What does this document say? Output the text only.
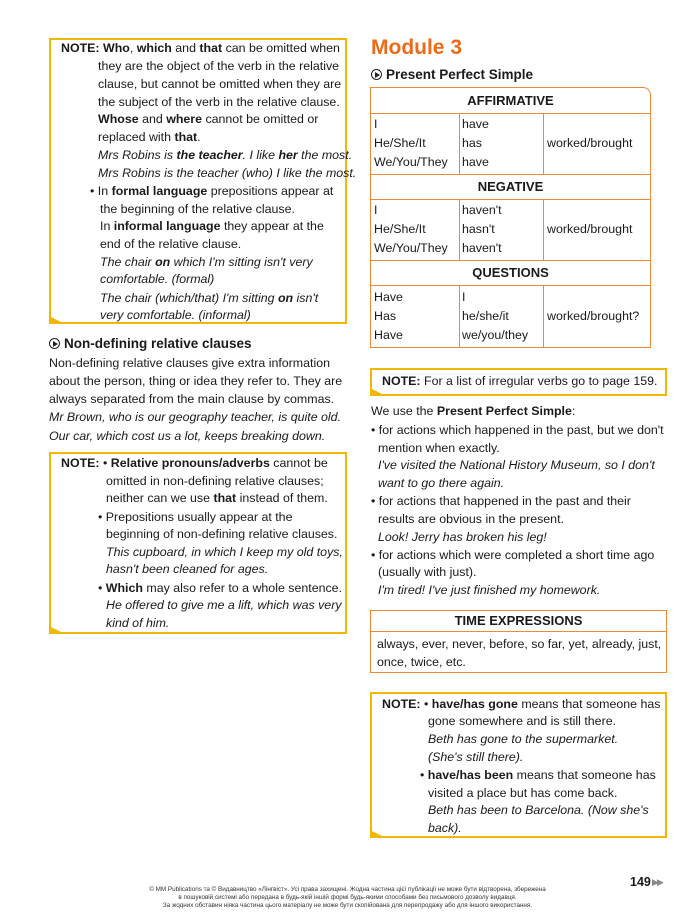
NOTE: Who, which and that can be omitted when
they are the object of the verb in the relative
clause, but cannot be omitted when they are
the subject of the verb in the relative clause.
Whose and where cannot be omitted or
replaced with that.
Mrs Robins is the teacher. I like her the most.
Mrs Robins is the teacher (who) I like the most.
• In formal language prepositions appear at
the beginning of the relative clause.
In informal language they appear at the
end of the relative clause.
The chair on which I'm sitting isn't very
comfortable. (formal)
The chair (which/that) I'm sitting on isn't
very comfortable. (informal)
Non-defining relative clauses
Non-defining relative clauses give extra information
about the person, thing or idea they refer to. They are
always separated from the main clause by commas.
Mr Brown, who is our geography teacher, is quite old.
Our car, which cost us a lot, keeps breaking down.
NOTE: • Relative pronouns/adverbs cannot be
omitted in non-defining relative clauses;
neither can we use that instead of them.
• Prepositions usually appear at the
beginning of non-defining relative clauses.
This cupboard, in which I keep my old toys,
hasn't been cleaned for ages.
• Which may also refer to a whole sentence.
He offered to give me a lift, which was very
kind of him.
Module 3
Present Perfect Simple
AFFIRMATIVE
I
He/She/It
We/You/They
have
has
have
worked/brought
NEGATIVE
I
He/She/It
We/You/They
haven't
hasn't
haven't
worked/brought
QUESTIONS
Have
Has
Have
I
he/she/it
we/you/they
worked/brought?
NOTE: For a list of irregular verbs go to page 159.
We use the Present Perfect Simple:
• for actions which happened in the past, but we don't
mention when exactly.
I've visited the National History Museum, so I don't
want to go there again.
• for actions that happened in the past and their
results are obvious in the present.
Look! Jerry has broken his leg!
• for actions which were completed a short time ago
(usually with just).
I'm tired! I've just finished my homework.
TIME EXPRESSIONS
always, ever, never, before, so far, yet, already, just,
once, twice, etc.
NOTE: • have/has gone means that someone has
gone somewhere and is still there.
Beth has gone to the supermarket.
(She's still there).
• have/has been means that someone has
visited a place but has come back.
Beth has been to Barcelona. (Now she's
back).
149 ▶▶
© MM Publications та © Видавництво «Лінгвіст». Усі права захищені. Жодна частина цієї публікації не може бути відтворена, збережена
в пошуковій системі або передана в будь-якій іншій формі будь-якими способами без письмового дозволу видавця.
За жодних обставин ніяка частина цього матеріалу не може бути скопійована для перепродажу або для іншого використання.
